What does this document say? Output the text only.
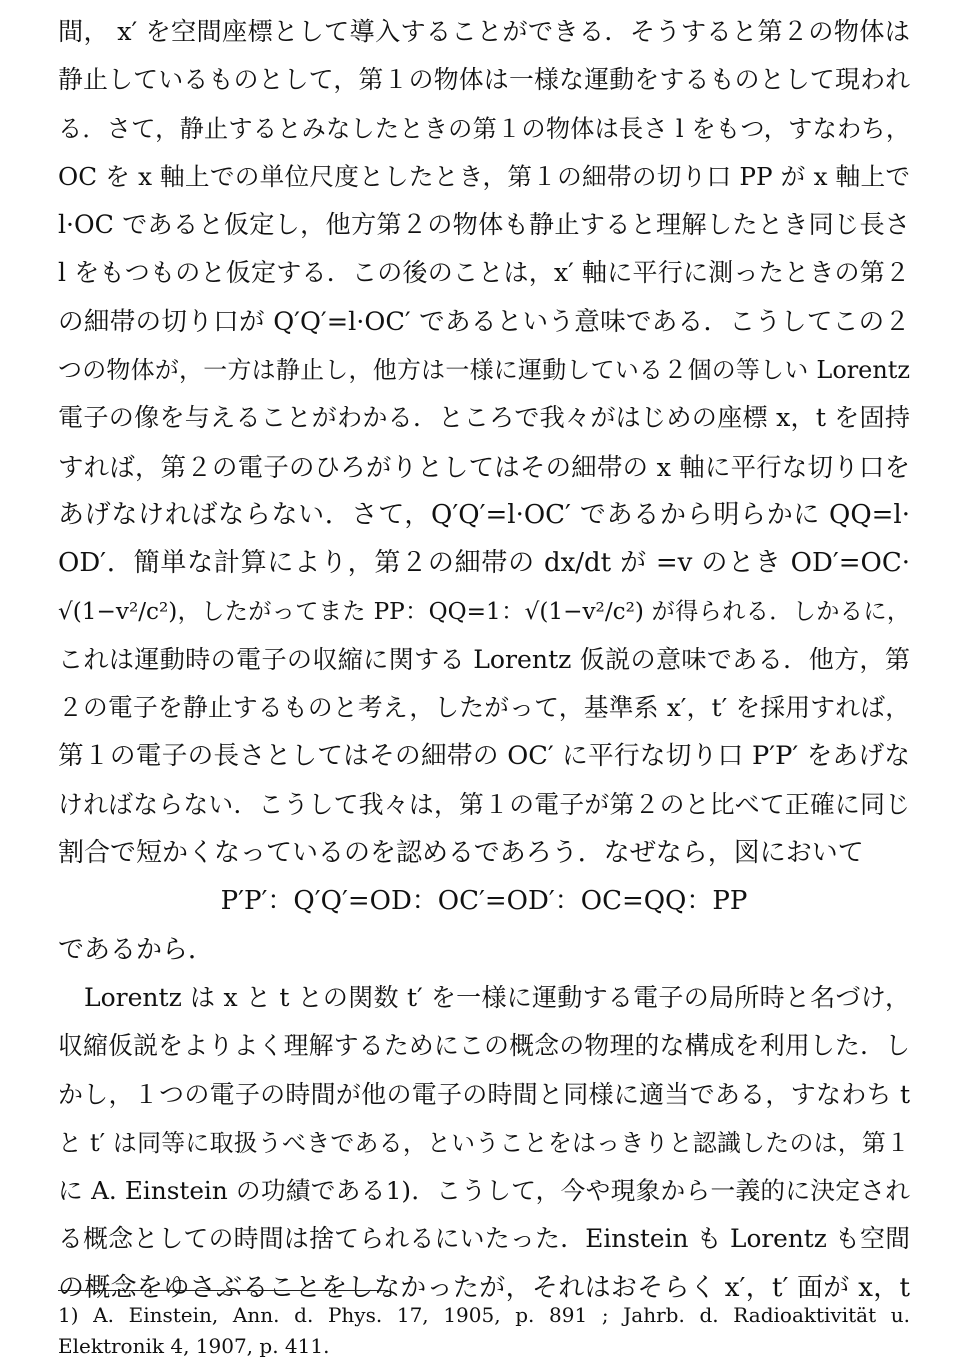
間， x′ を空間座標として導入することができる．そうすると第２の物体は
静止しているものとして，第１の物体は一様な運動をするものとして現われ
る．さて，静止するとみなしたときの第１の物体は長さ l をもつ，すなわち，
OC を x 軸上での単位尺度としたとき，第１の細帯の切り口 PP が x 軸上で
l·OC であると仮定し，他方第２の物体も静止すると理解したとき同じ長さ
l をもつものと仮定する．この後のことは，x′ 軸に平行に測ったときの第２
の細帯の切り口が Q′Q′=l·OC′ であるという意味である．こうしてこの２
つの物体が，一方は静止し，他方は一様に運動している２個の等しい Lorentz
電子の像を与えることがわかる．ところで我々がはじめの座標 x，t を固持
すれば，第２の電子のひろがりとしてはその細帯の x 軸に平行な切り口を
あげなければならない．さて，Q′Q′=l·OC′ であるから明らかに QQ=l·
OD′．簡単な計算により，第２の細帯の dx/dt が =v のとき OD′=OC·
√(1−v²/c²)，したがってまた PP：QQ=1：√(1−v²/c²) が得られる．しかるに，
これは運動時の電子の収縮に関する Lorentz 仮説の意味である．他方，第
２の電子を静止するものと考え，したがって，基準系 x′，t′ を採用すれば，
第１の電子の長さとしてはその細帯の OC′ に平行な切り口 P′P′ をあげな
ければならない．こうして我々は，第１の電子が第２のと比べて正確に同じ
割合で短かくなっているのを認めるであろう．なぜなら，図において
P′P′：Q′Q′=OD：OC′=OD′：OC=QQ：PP
であるから．
Lorentz は x と t との関数 t′ を一様に運動する電子の局所時と名づけ，
収縮仮説をよりよく理解するためにこの概念の物理的な構成を利用した．し
かし，１つの電子の時間が他の電子の時間と同様に適当である，すなわち t
と t′ は同等に取扱うべきである，ということをはっきりと認識したのは，第１
に A. Einstein の功績である1)．こうして，今や現象から一義的に決定され
る概念としての時間は捨てられるにいたった．Einstein も Lorentz も空間
の概念をゆさぶることをしなかったが，それはおそらく x′，t′ 面が x，t
1) A. Einstein, Ann. d. Phys. 17, 1905, p. 891 ; Jahrb. d. Radioaktivität u.
Elektronik 4, 1907, p. 411.
